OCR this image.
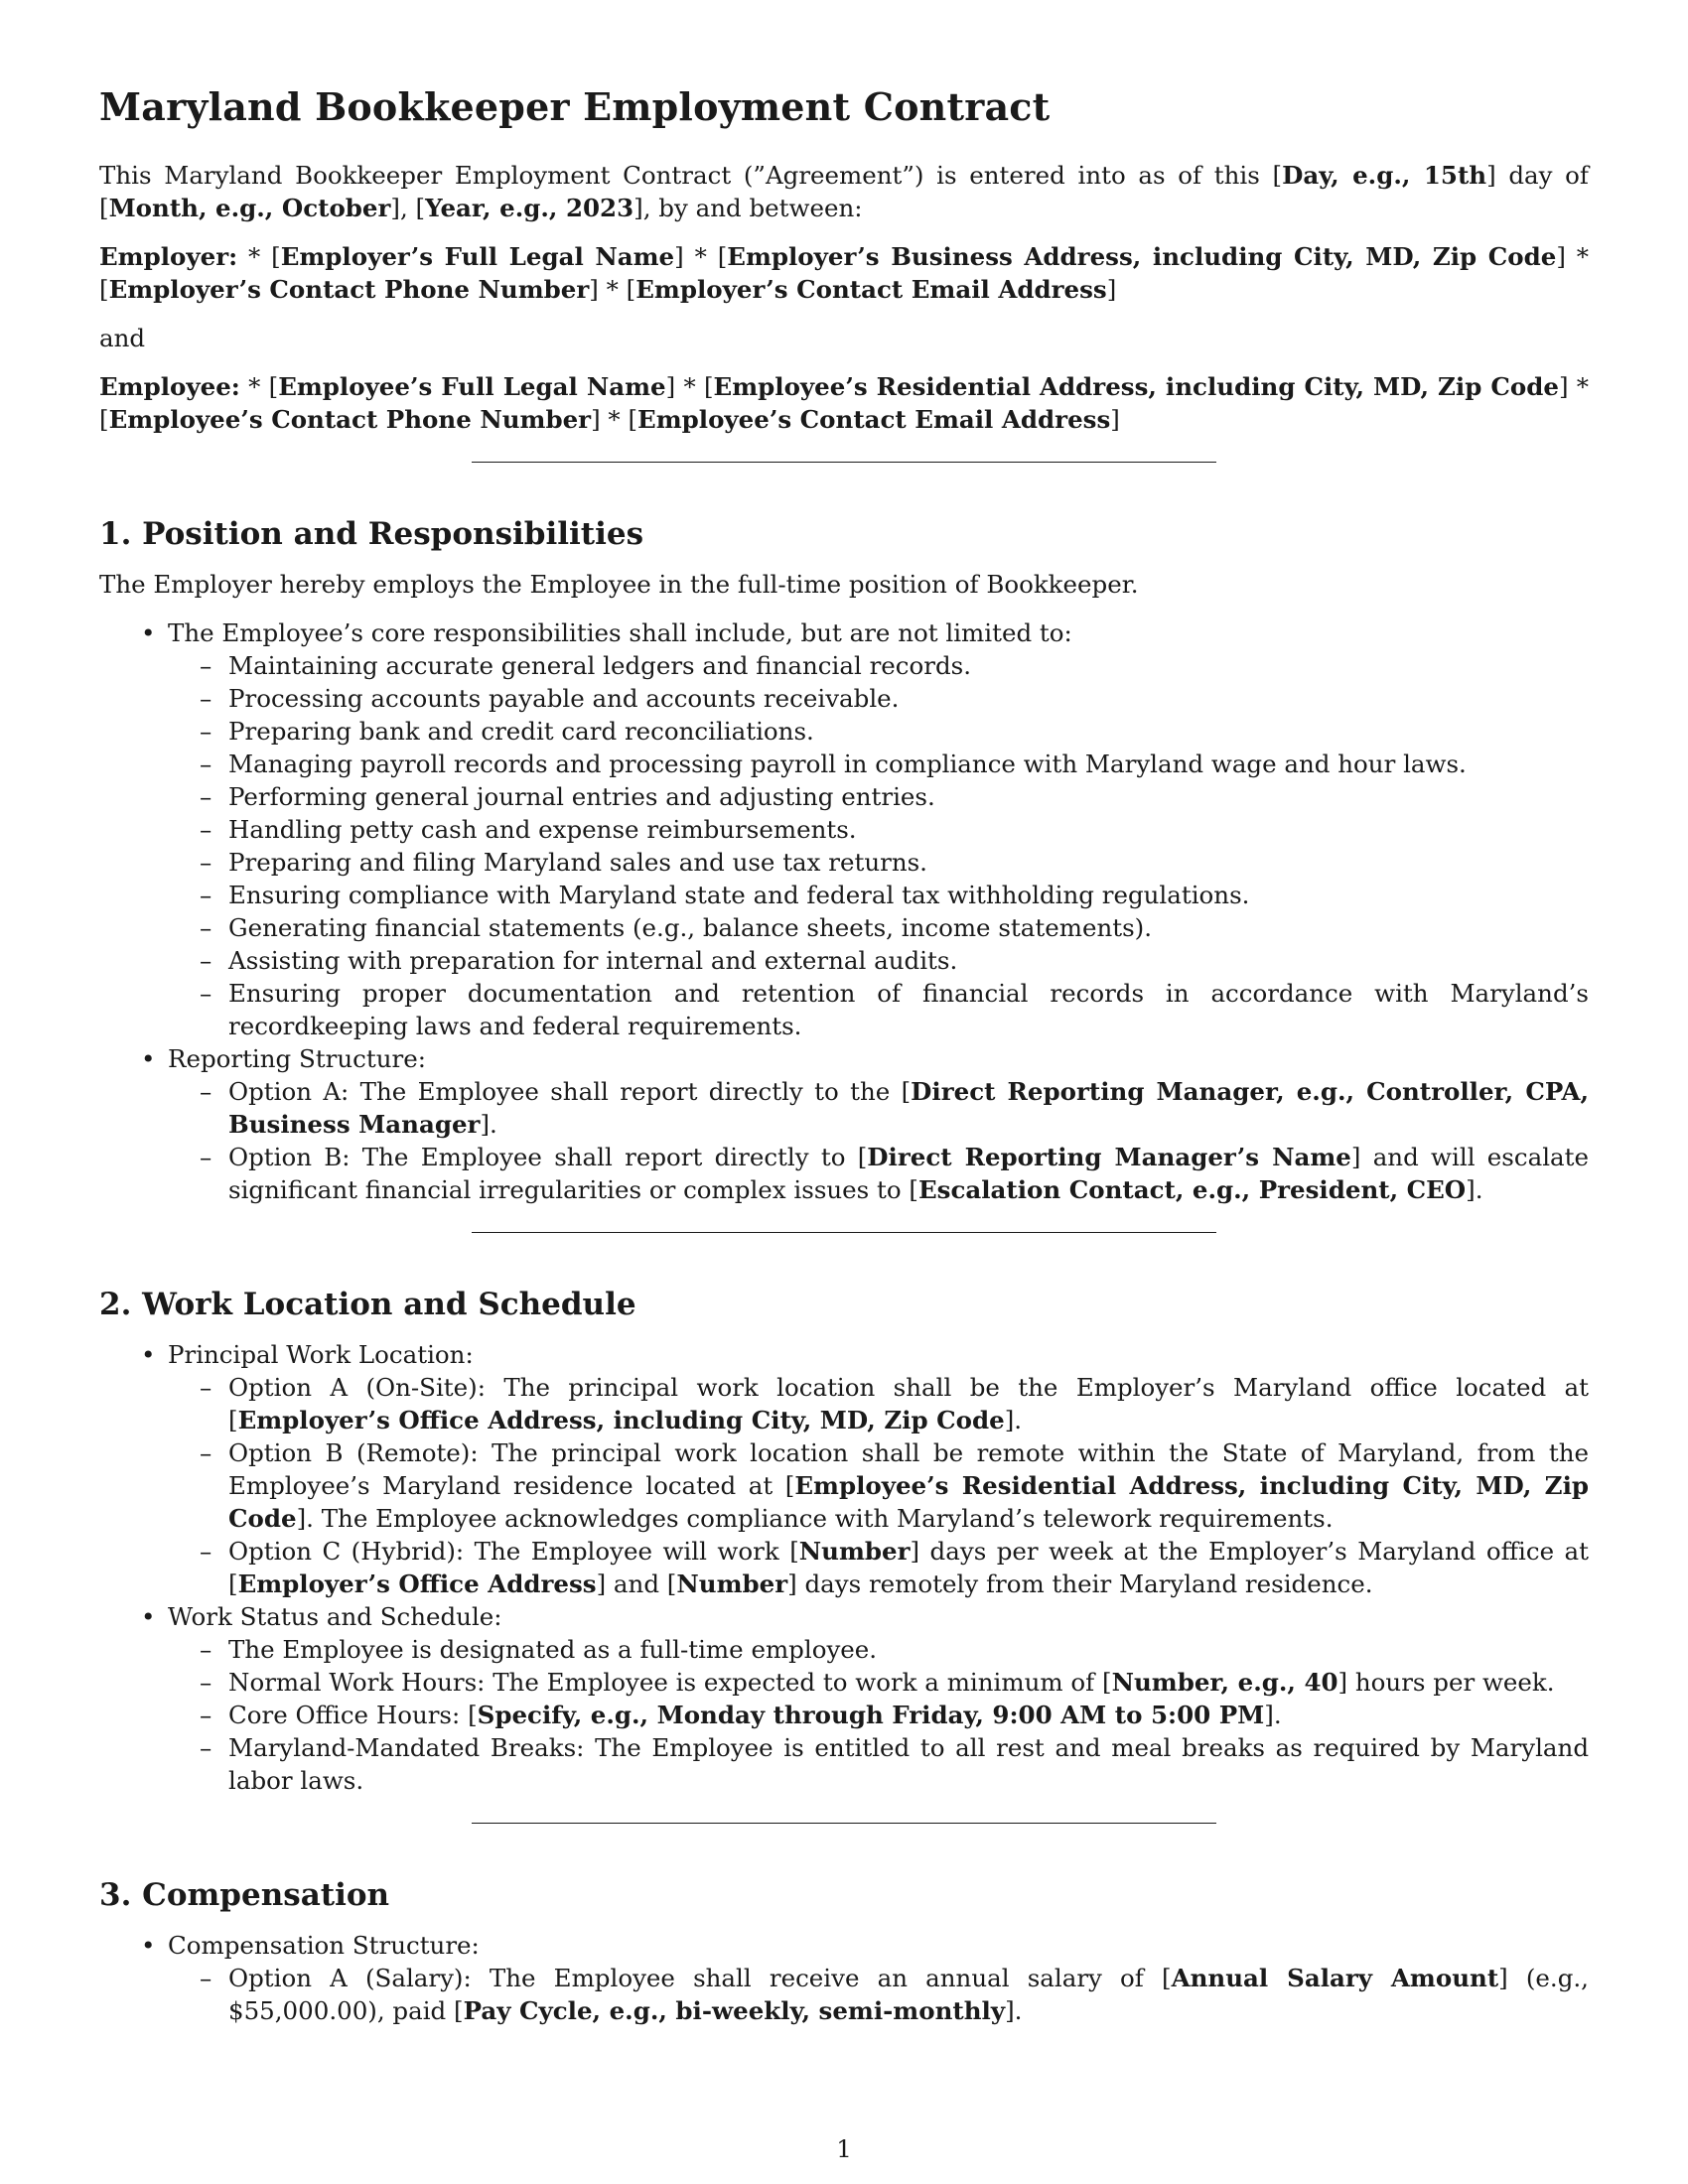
Maryland Bookkeeper Employment Contract

This Maryland Bookkeeper Employment Contract (”Agreement”) is entered into as of this [Day, e.g., 15th] day of [Month, e.g., October], [Year, e.g., 2023], by and between:

Employer: * [Employer’s Full Legal Name] * [Employer’s Business Address, including City, MD, Zip Code] * [Employer’s Contact Phone Number] * [Employer’s Contact Email Address]

and

Employee: * [Employee’s Full Legal Name] * [Employee’s Residential Address, including City, MD, Zip Code] * [Employee’s Contact Phone Number] * [Employee’s Contact Email Address]

1. Position and Responsibilities

The Employer hereby employs the Employee in the full-time position of Bookkeeper.

• The Employee’s core responsibilities shall include, but are not limited to:
– Maintaining accurate general ledgers and financial records.
– Processing accounts payable and accounts receivable.
– Preparing bank and credit card reconciliations.
– Managing payroll records and processing payroll in compliance with Maryland wage and hour laws.
– Performing general journal entries and adjusting entries.
– Handling petty cash and expense reimbursements.
– Preparing and filing Maryland sales and use tax returns.
– Ensuring compliance with Maryland state and federal tax withholding regulations.
– Generating financial statements (e.g., balance sheets, income statements).
– Assisting with preparation for internal and external audits.
– Ensuring proper documentation and retention of financial records in accordance with Maryland’s recordkeeping laws and federal requirements.
• Reporting Structure:
– Option A: The Employee shall report directly to the [Direct Reporting Manager, e.g., Controller, CPA, Business Manager].
– Option B: The Employee shall report directly to [Direct Reporting Manager’s Name] and will escalate significant financial irregularities or complex issues to [Escalation Contact, e.g., President, CEO].
2. Work Location and Schedule
• Principal Work Location:
– Option A (On-Site): The principal work location shall be the Employer’s Maryland office located at [Employer’s Office Address, including City, MD, Zip Code].
– Option B (Remote): The principal work location shall be remote within the State of Maryland, from the Employee’s Maryland residence located at [Employee’s Residential Address, including City, MD, Zip Code]. The Employee acknowledges compliance with Maryland’s telework requirements.
– Option C (Hybrid): The Employee will work [Number] days per week at the Employer’s Maryland office at [Employer’s Office Address] and [Number] days remotely from their Maryland residence.
• Work Status and Schedule:
– The Employee is designated as a full-time employee.
– Normal Work Hours: The Employee is expected to work a minimum of [Number, e.g., 40] hours per week.
– Core Office Hours: [Specify, e.g., Monday through Friday, 9:00 AM to 5:00 PM].
– Maryland-Mandated Breaks: The Employee is entitled to all rest and meal breaks as required by Maryland labor laws.
3. Compensation
• Compensation Structure:
– Option A (Salary): The Employee shall receive an annual salary of [Annual Salary Amount] (e.g., $55,000.00), paid [Pay Cycle, e.g., bi-weekly, semi-monthly].
1
